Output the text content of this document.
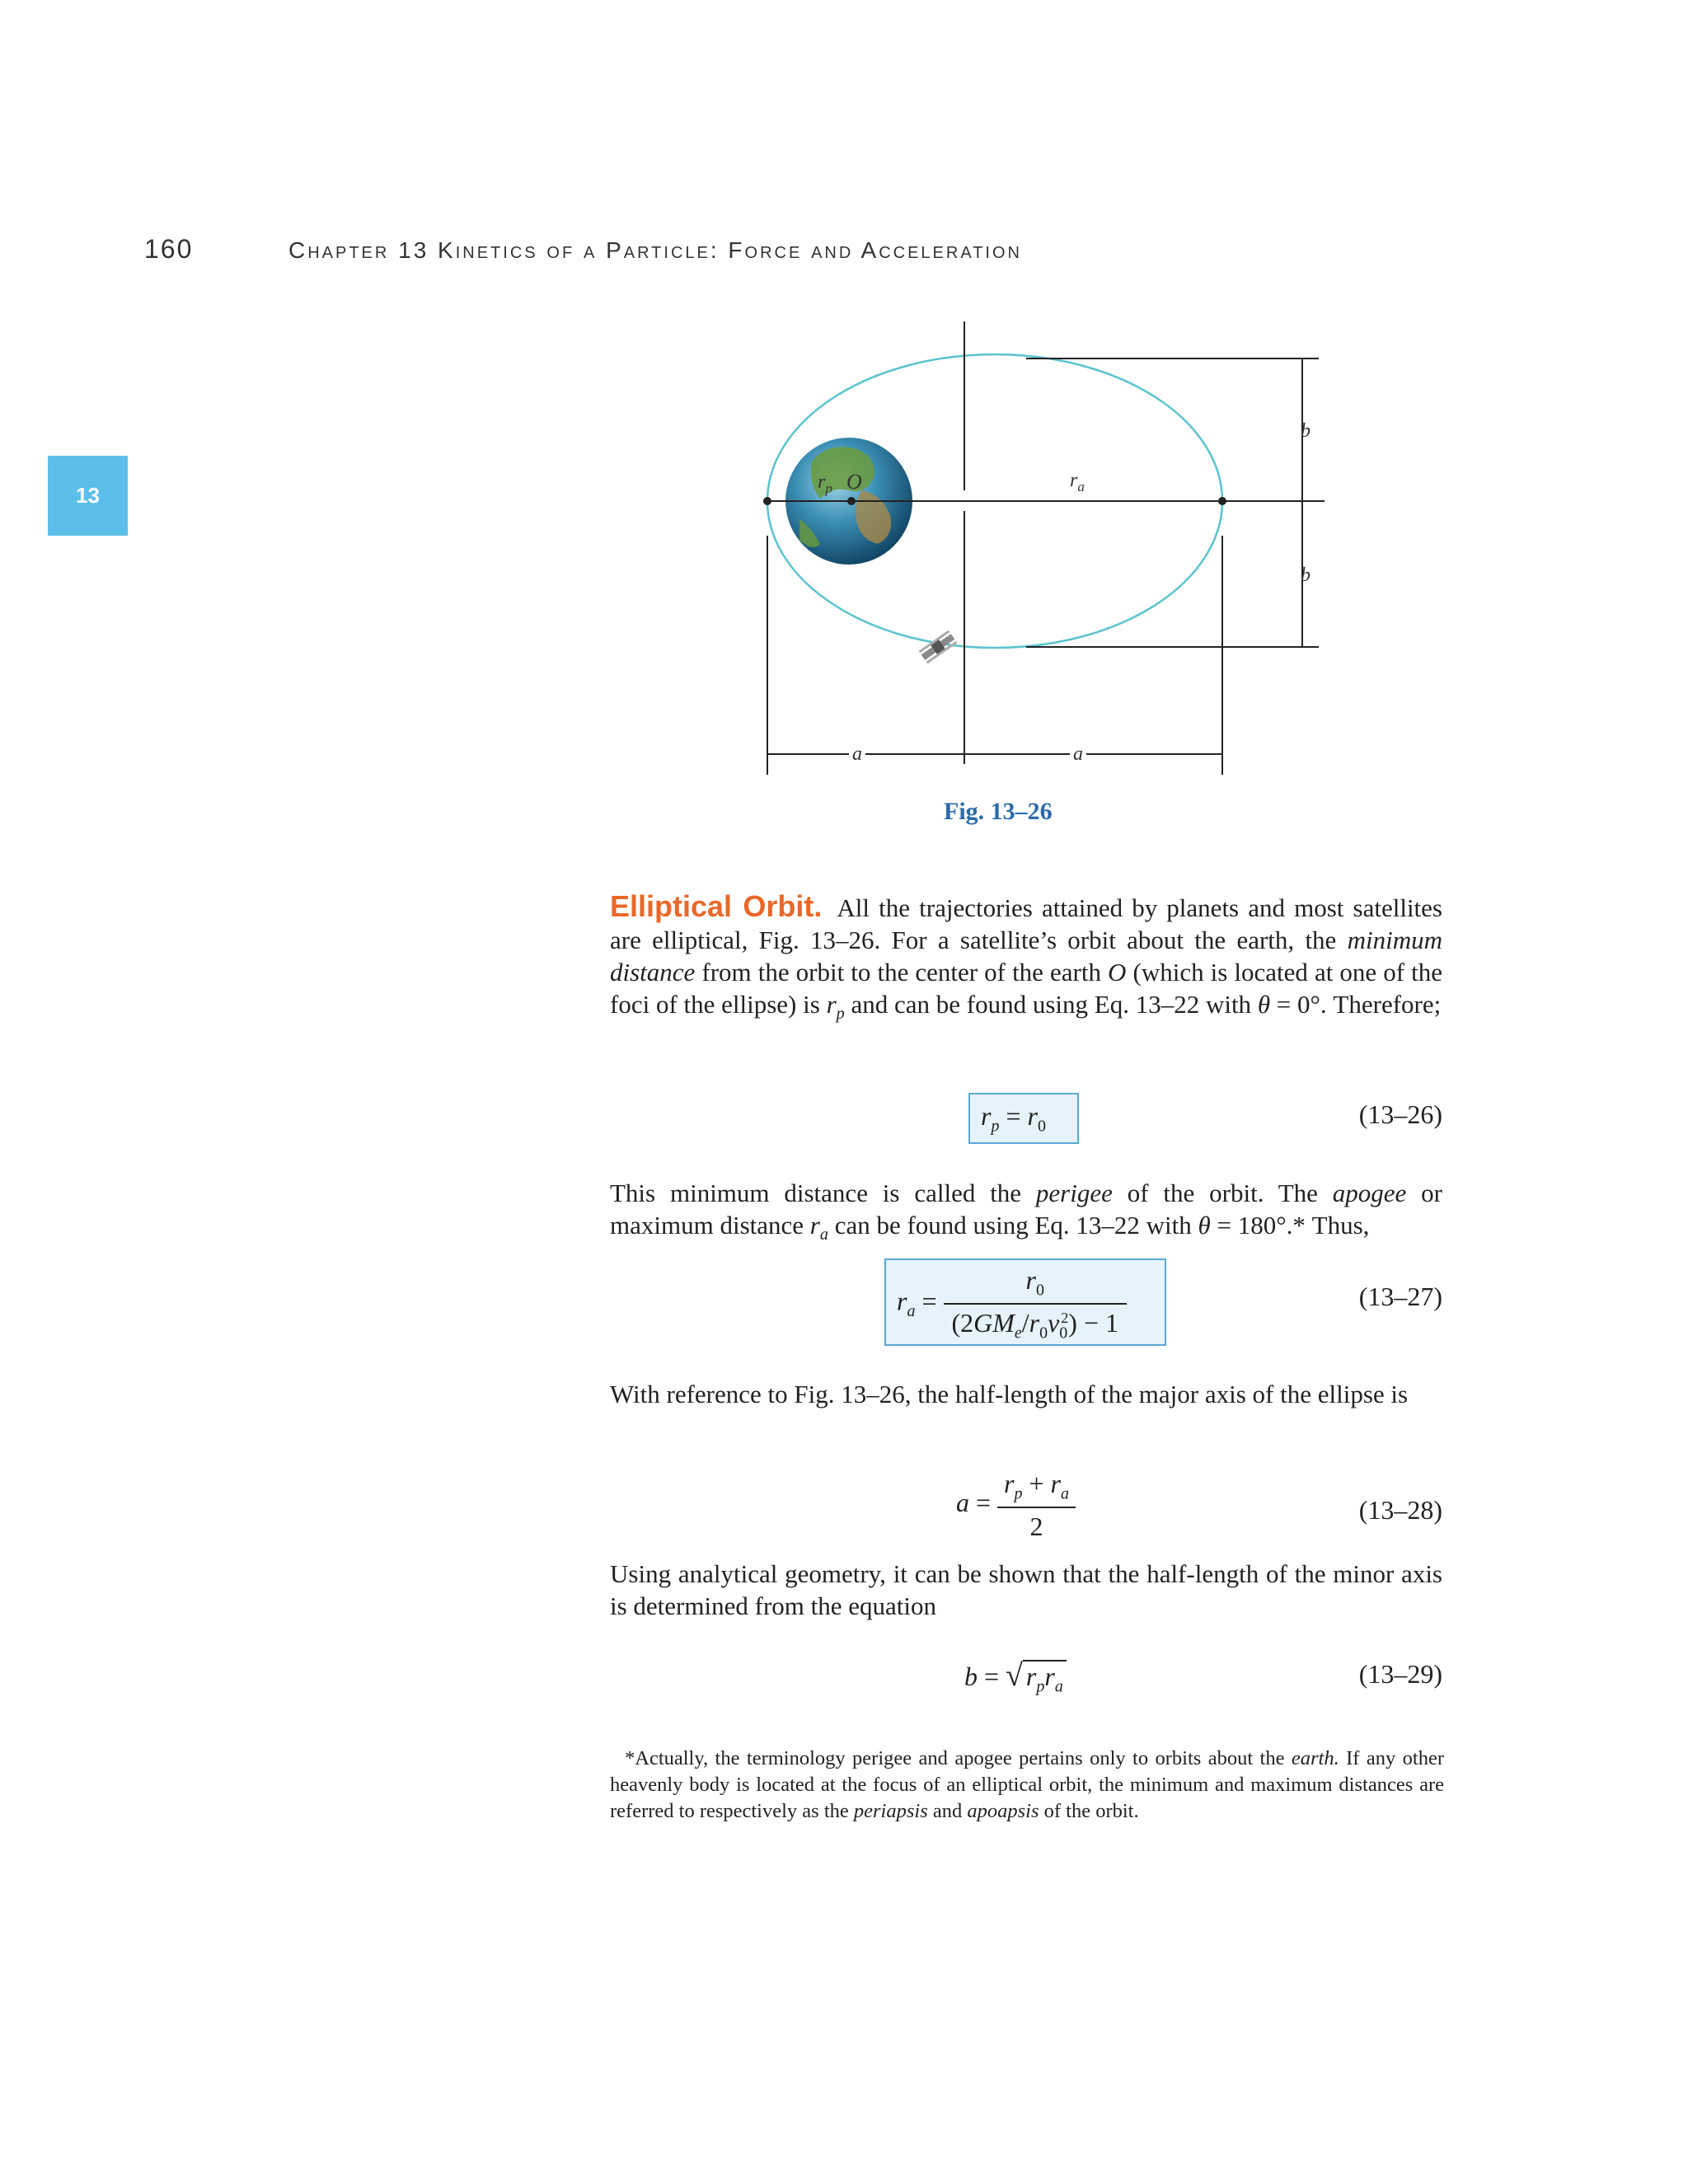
160	Chapter 13 Kinetics of a Particle: Force and Acceleration
13
b
b
$r_a$
$r_p$ O
a	a
Fig. 13–26
Elliptical Orbit. All the trajectories attained by planets and most satellites are elliptical, Fig. 13–26. For a satellite’s orbit about the earth, the minimum distance from the orbit to the center of the earth O (which is located at one of the foci of the ellipse) is $r_p$ and can be found using Eq. 13–22 with θ = 0°. Therefore;
$r_p = r_0$	(13–26)
This minimum distance is called the perigee of the orbit. The apogee or maximum distance $r_a$ can be found using Eq. 13–22 with θ = 180°.* Thus,
$r_a = \frac{r_0}{(2GM_e/r_0v_0^2) - 1}$	(13–27)
With reference to Fig. 13–26, the half-length of the major axis of the ellipse is
$a = \frac{r_p + r_a}{2}$	(13–28)
Using analytical geometry, it can be shown that the half-length of the minor axis is determined from the equation
b = √ $r_pr_a$	(13–29)

*Actually, the terminology perigee and apogee pertains only to orbits about the earth. If any other heavenly body is located at the focus of an elliptical orbit, the minimum and maximum distances are referred to respectively as the periapsis and apoapsis of the orbit.
